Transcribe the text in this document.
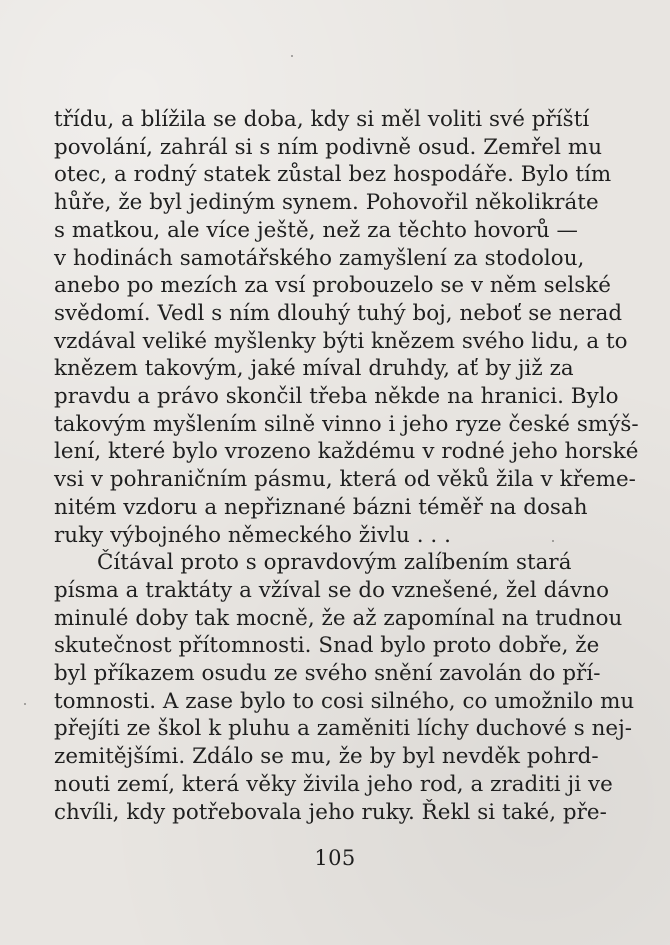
třídu, a blížila se doba, kdy si měl voliti své příští
povolání, zahrál si s ním podivně osud. Zemřel mu
otec, a rodný statek zůstal bez hospodáře. Bylo tím
hůře, že byl jediným synem. Pohovořil několikráte
s matkou, ale více ještě, než za těchto hovorů —
v hodinách samotářského zamyšlení za stodolou,
anebo po mezích za vsí probouzelo se v něm selské
svědomí. Vedl s ním dlouhý tuhý boj, neboť se nerad
vzdával veliké myšlenky býti knězem svého lidu, a to
knězem takovým, jaké míval druhdy, ať by již za
pravdu a právo skončil třeba někde na hranici. Bylo
takovým myšlením silně vinno i jeho ryze české smýš-
lení, které bylo vrozeno každému v rodné jeho horské
vsi v pohraničním pásmu, která od věků žila v křeme-
nitém vzdoru a nepřiznané bázni téměř na dosah
ruky výbojného německého živlu . . .
Čítával proto s opravdovým zalíbením stará
písma a traktáty a vžíval se do vznešené, žel dávno
minulé doby tak mocně, že až zapomínal na trudnou
skutečnost přítomnosti. Snad bylo proto dobře, že
byl příkazem osudu ze svého snění zavolán do pří-
tomnosti. A zase bylo to cosi silného, co umožnilo mu
přejíti ze škol k pluhu a zaměniti líchy duchové s nej-
zemitějšími. Zdálo se mu, že by byl nevděk pohrd-
nouti zemí, která věky živila jeho rod, a zraditi ji ve
chvíli, kdy potřebovala jeho ruky. Řekl si také, pře-
105
